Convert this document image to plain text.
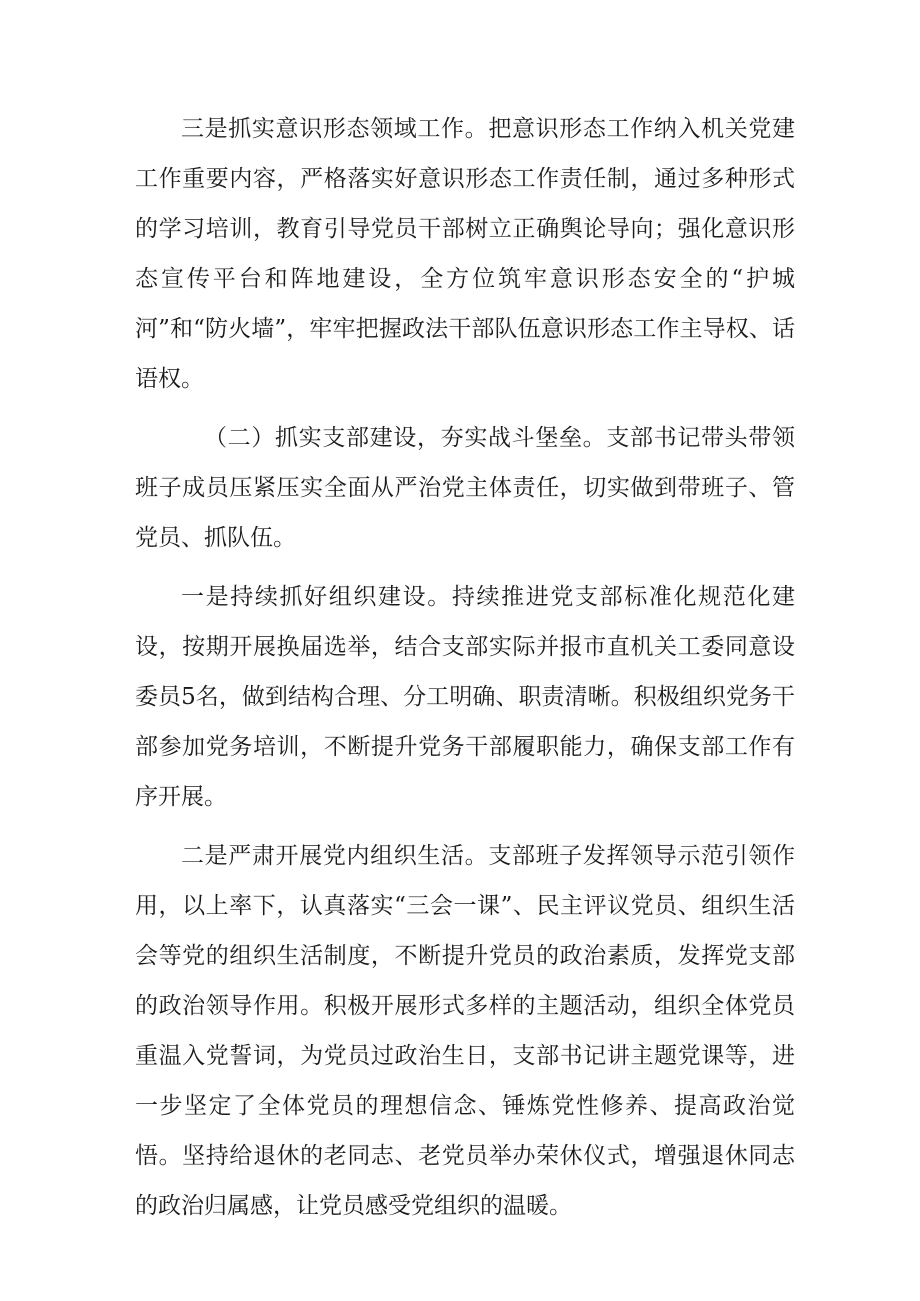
三是抓实意识形态领域工作。把意识形态工作纳入机关党建工作重要内容，严格落实好意识形态工作责任制，通过多种形式的学习培训，教育引导党员干部树立正确舆论导向；强化意识形态宣传平台和阵地建设，全方位筑牢意识形态安全的“护城河”和“防火墙”，牢牢把握政法干部队伍意识形态工作主导权、话语权。

（二）抓实支部建设，夯实战斗堡垒。支部书记带头带领班子成员压紧压实全面从严治党主体责任，切实做到带班子、管党员、抓队伍。

一是持续抓好组织建设。持续推进党支部标准化规范化建设，按期开展换届选举，结合支部实际并报市直机关工委同意设委员5名，做到结构合理、分工明确、职责清晰。积极组织党务干部参加党务培训，不断提升党务干部履职能力，确保支部工作有序开展。

二是严肃开展党内组织生活。支部班子发挥领导示范引领作用，以上率下，认真落实“三会一课”、民主评议党员、组织生活会等党的组织生活制度，不断提升党员的政治素质，发挥党支部的政治领导作用。积极开展形式多样的主题活动，组织全体党员重温入党誓词，为党员过政治生日，支部书记讲主题党课等，进一步坚定了全体党员的理想信念、锤炼党性修养、提高政治觉悟。坚持给退休的老同志、老党员举办荣休仪式，增强退休同志的政治归属感，让党员感受党组织的温暖。
